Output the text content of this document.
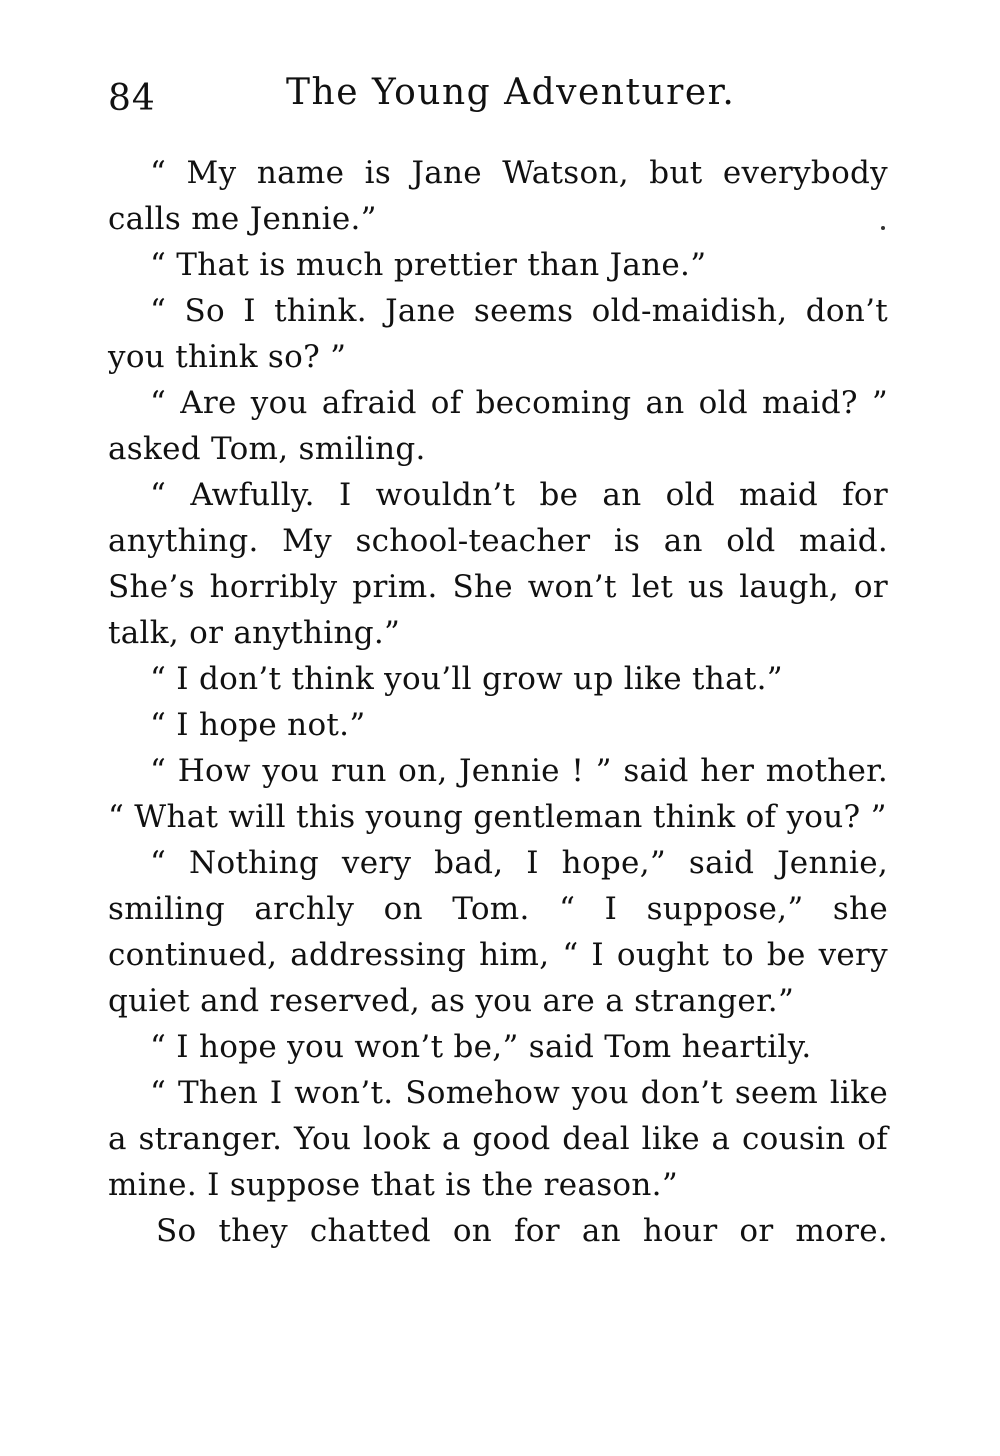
84	The Young Adventurer.

“ My name is Jane Watson, but everybody calls me Jennie.”

“ That is much prettier than Jane.”

“ So I think. Jane seems old-maidish, don’t you think so? ”

“ Are you afraid of becoming an old maid? ” asked Tom, smiling.

“ Awfully. I wouldn’t be an old maid for anything. My school-teacher is an old maid. She’s horribly prim. She won’t let us laugh, or talk, or anything.”

“ I don’t think you’ll grow up like that.”

“ I hope not.”

“ How you run on, Jennie ! ” said her mother. “ What will this young gentleman think of you? ”

“ Nothing very bad, I hope,” said Jennie, smiling archly on Tom. “ I suppose,” she continued, addressing him, “ I ought to be very quiet and reserved, as you are a stranger.”

“ I hope you won’t be,” said Tom heartily.

“ Then I won’t. Somehow you don’t seem like a stranger. You look a good deal like a cousin of mine. I suppose that is the reason.”

So they chatted on for an hour or more.
